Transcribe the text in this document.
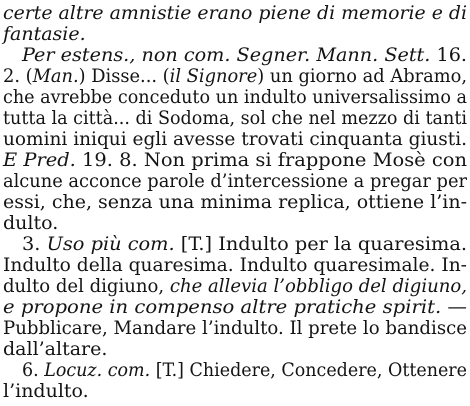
certe altre amnistie erano piene di memorie e di
fantasie.
Per estens., non com. Segner. Mann. Sett. 16.
2. (Man.) Disse... (il Signore) un giorno ad Abramo,
che avrebbe conceduto un indulto universalissimo a
tutta la città... di Sodoma, sol che nel mezzo di tanti
uomini iniqui egli avesse trovati cinquanta giusti.
E Pred. 19. 8. Non prima si frappone Mosè con
alcune acconce parole d’intercessione a pregar per
essi, che, senza una minima replica, ottiene l’in-
dulto.
3. Uso più com. [T.] Indulto per la quaresima.
Indulto della quaresima. Indulto quaresimale. In-
dulto del digiuno, che allevia l’obbligo del digiuno,
e propone in compenso altre pratiche spirit. —
Pubblicare, Mandare l’indulto. Il prete lo bandisce
dall’altare.
6. Locuz. com. [T.] Chiedere, Concedere, Ottenere
l’indulto.
